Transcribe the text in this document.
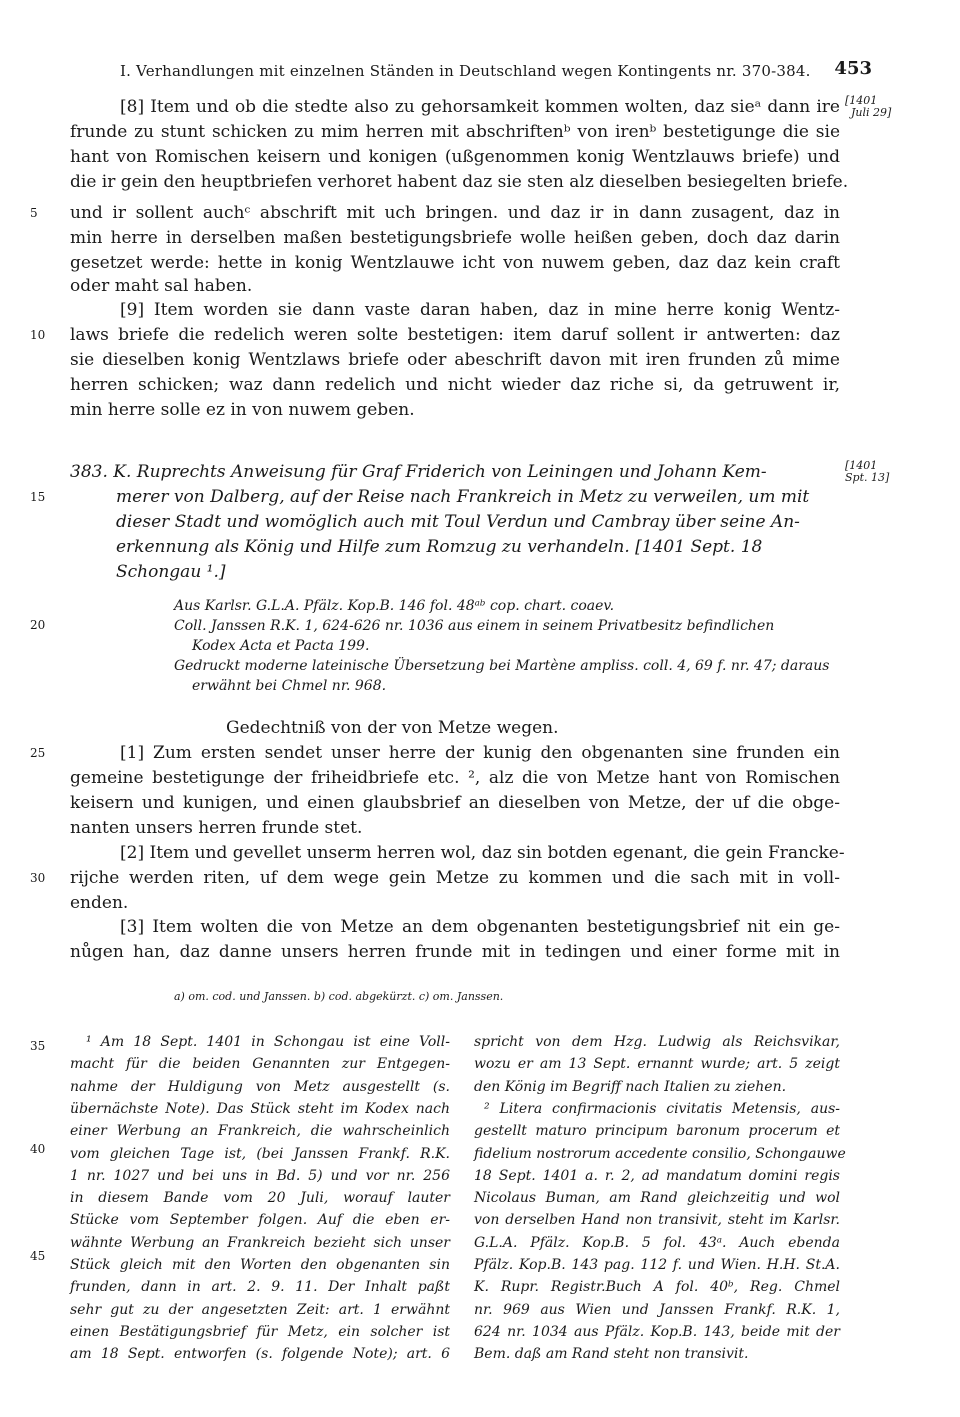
I. Verhandlungen mit einzelnen Ständen in Deutschland wegen Kontingents nr. 370-384. 453
[1401
Juli 29]
[1401
Spt. 13]
5
10
15
20
25
30
35
40
45
[8] Item und ob die stedte also zu gehorsamkeit kommen wolten, daz sieᵃ dann ire
frunde zu stunt schicken zu mim herren mit abschriftenᵇ von irenᵇ bestetigunge die sie
hant von Romischen keisern und konigen (ußgenommen konig Wentzlauws briefe) und
die ir gein den heuptbriefen verhoret habent daz sie sten alz dieselben besiegelten briefe.
und ir sollent auchᶜ abschrift mit uch bringen. und daz ir in dann zusagent, daz in
min herre in derselben maßen bestetigungsbriefe wolle heißen geben, doch daz darin
gesetzet werde: hette in konig Wentzlauwe icht von nuwem geben, daz daz kein craft
oder maht sal haben.
[9] Item worden sie dann vaste daran haben, daz in mine herre konig Wentz-
laws briefe die redelich weren solte bestetigen: item daruf sollent ir antwerten: daz
sie dieselben konig Wentzlaws briefe oder abeschrift davon mit iren frunden zů mime
herren schicken; waz dann redelich und nicht wieder daz riche si, da getruwent ir,
min herre solle ez in von nuwem geben.
383. K. Ruprechts Anweisung für Graf Friderich von Leiningen und Johann Kem-
merer von Dalberg, auf der Reise nach Frankreich in Metz zu verweilen, um mit
dieser Stadt und womöglich auch mit Toul Verdun und Cambray über seine An-
erkennung als König und Hilfe zum Romzug zu verhandeln. [1401 Sept. 18
Schongau ¹.]
Aus Karlsr. G.L.A. Pfälz. Kop.B. 146 fol. 48ᵃᵇ cop. chart. coaev.
Coll. Janssen R.K. 1, 624-626 nr. 1036 aus einem in seinem Privatbesitz befindlichen
Kodex Acta et Pacta 199.
Gedruckt moderne lateinische Übersetzung bei Martène ampliss. coll. 4, 69 f. nr. 47; daraus
erwähnt bei Chmel nr. 968.
Gedechtniß von der von Metze wegen.
[1] Zum ersten sendet unser herre der kunig den obgenanten sine frunden ein
gemeine bestetigunge der friheidbriefe etc. ², alz die von Metze hant von Romischen
keisern und kunigen, und einen glaubsbrief an dieselben von Metze, der uf die obge-
nanten unsers herren frunde stet.
[2] Item und gevellet unserm herren wol, daz sin botden egenant, die gein Francke-
rijche werden riten, uf dem wege gein Metze zu kommen und die sach mit in voll-
enden.
[3] Item wolten die von Metze an dem obgenanten bestetigungsbrief nit ein ge-
nůgen han, daz danne unsers herren frunde mit in tedingen und einer forme mit in
a) om. cod. und Janssen. b) cod. abgekürzt. c) om. Janssen.
¹ Am 18 Sept. 1401 in Schongau ist eine Voll-
macht für die beiden Genannten zur Entgegen-
nahme der Huldigung von Metz ausgestellt (s.
übernächste Note). Das Stück steht im Kodex nach
einer Werbung an Frankreich, die wahrscheinlich
vom gleichen Tage ist, (bei Janssen Frankf. R.K.
1 nr. 1027 und bei uns in Bd. 5) und vor nr. 256
in diesem Bande vom 20 Juli, worauf lauter
Stücke vom September folgen. Auf die eben er-
wähnte Werbung an Frankreich bezieht sich unser
Stück gleich mit den Worten den obgenanten sin
frunden, dann in art. 2. 9. 11. Der Inhalt paßt
sehr gut zu der angesetzten Zeit: art. 1 erwähnt
einen Bestätigungsbrief für Metz, ein solcher ist
am 18 Sept. entworfen (s. folgende Note); art. 6
spricht von dem Hzg. Ludwig als Reichsvikar,
wozu er am 13 Sept. ernannt wurde; art. 5 zeigt
den König im Begriff nach Italien zu ziehen.
² Litera confirmacionis civitatis Metensis, aus-
gestellt maturo principum baronum procerum et
fidelium nostrorum accedente consilio, Schongauwe
18 Sept. 1401 a. r. 2, ad mandatum domini regis
Nicolaus Buman, am Rand gleichzeitig und wol
von derselben Hand non transivit, steht im Karlsr.
G.L.A. Pfälz. Kop.B. 5 fol. 43ᵃ. Auch ebenda
Pfälz. Kop.B. 143 pag. 112 f. und Wien. H.H. St.A.
K. Rupr. Registr.Buch A fol. 40ᵇ, Reg. Chmel
nr. 969 aus Wien und Janssen Frankf. R.K. 1,
624 nr. 1034 aus Pfälz. Kop.B. 143, beide mit der
Bem. daß am Rand steht non transivit.
